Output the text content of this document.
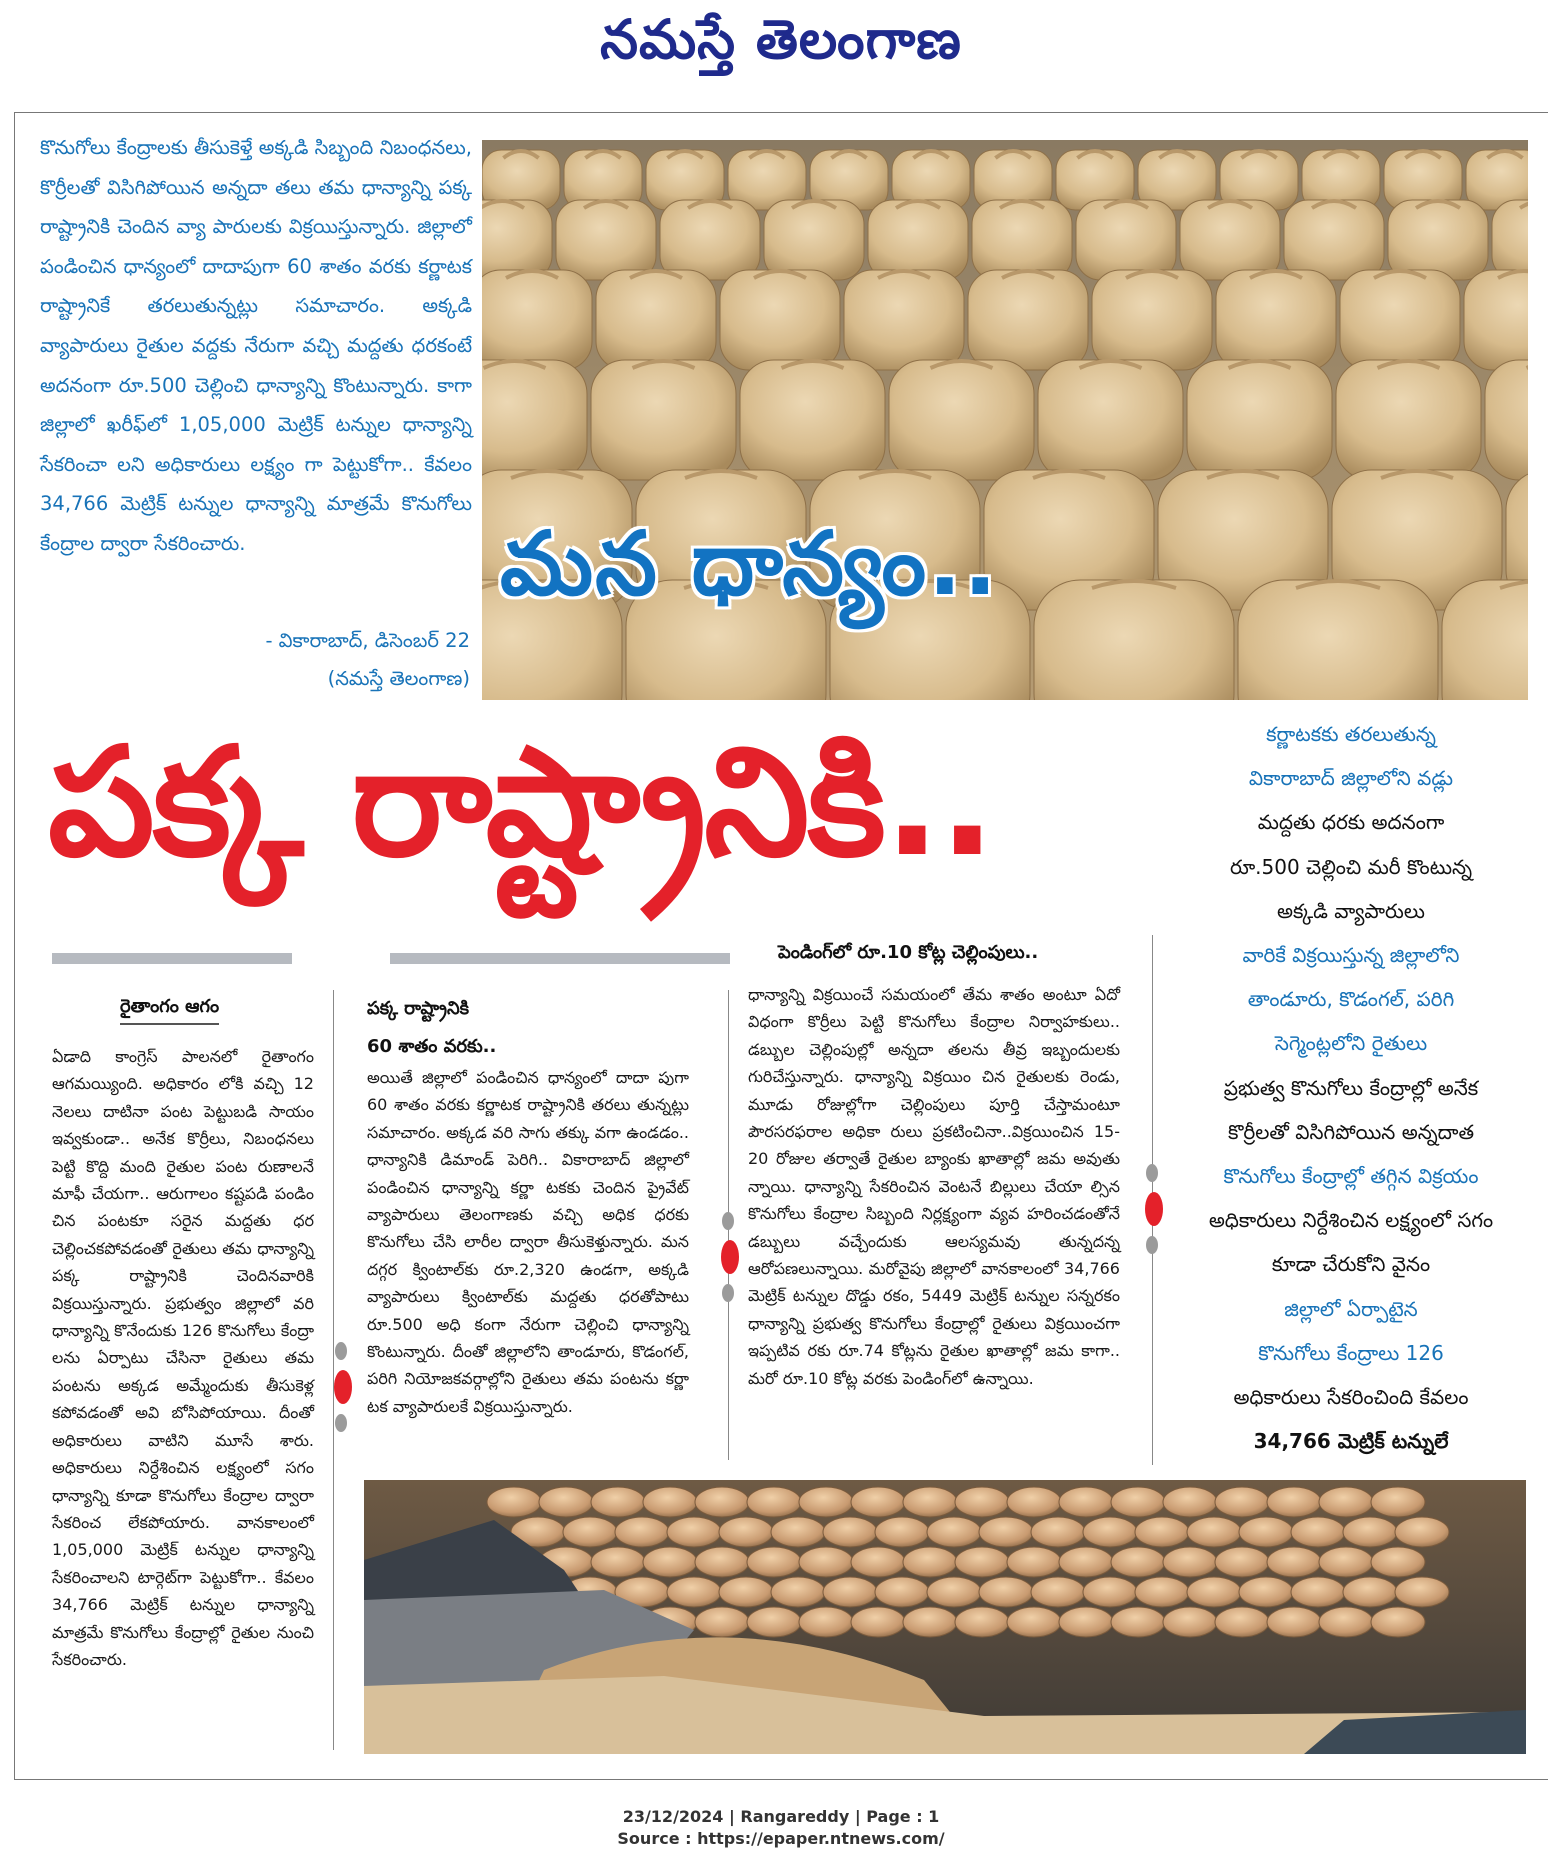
నమస్తే తెలంగాణ

కొనుగోలు కేంద్రాలకు తీసుకెళ్తే అక్కడి సిబ్బంది నిబంధనలు, కొర్రీలతో విసిగిపోయిన అన్నదా తలు తమ ధాన్యాన్ని పక్క రాష్ట్రానికి చెందిన వ్యా పారులకు విక్రయిస్తున్నారు. జిల్లాలో పండించిన ధాన్యంలో దాదాపుగా 60 శాతం వరకు కర్ణాటక రాష్ట్రానికే తరలుతున్నట్లు సమాచారం. అక్కడి వ్యాపారులు రైతుల వద్దకు నేరుగా వచ్చి మద్దతు ధరకంటే అదనంగా రూ.500 చెల్లించి ధాన్యాన్ని కొంటున్నారు. కాగా జిల్లాలో ఖరీఫ్‌లో 1,05,000 మెట్రిక్ టన్నుల ధాన్యాన్ని సేకరించా లని అధికారులు లక్ష్యం గా పెట్టుకోగా.. కేవలం 34,766 మెట్రిక్ టన్నుల ధాన్యాన్ని మాత్రమే కొనుగోలు కేంద్రాల ద్వారా సేకరించారు.

- వికారాబాద్, డిసెంబర్ 22
(నమస్తే తెలంగాణ)
మన ధాన్యం..
పక్క రాష్ట్రానికి..	కర్ణాటకకు తరలుతున్న
వికారాబాద్ జిల్లాలోని వడ్లు
మద్దతు ధరకు అదనంగా
రూ.500 చెల్లించి మరీ కొంటున్న
అక్కడి వ్యాపారులు
వారికే విక్రయిస్తున్న జిల్లాలోని
తాండూరు, కొడంగల్, పరిగి
సెగ్మెంట్లలోని రైతులు
ప్రభుత్వ కొనుగోలు కేంద్రాల్లో అనేక
కొర్రీలతో విసిగిపోయిన అన్నదాత
కొనుగోలు కేంద్రాల్లో తగ్గిన విక్రయం
అధికారులు నిర్దేశించిన లక్ష్యంలో సగం
కూడా చేరుకోని వైనం
జిల్లాలో ఏర్పాటైన
కొనుగోలు కేంద్రాలు 126
అధికారులు సేకరించింది కేవలం
34,766 మెట్రిక్ టన్నులే
రైతాంగం ఆగం
ఏడాది కాంగ్రెస్ పాలనలో రైతాంగం ఆగమయ్యింది. అధికారం లోకి వచ్చి 12 నెలలు దాటినా పంట పెట్టుబడి సాయం ఇవ్వకుండా.. అనేక కొర్రీలు, నిబంధనలు పెట్టి కొద్ది మంది రైతుల పంట రుణాలనే మాఫీ చేయగా.. ఆరుగాలం కష్టపడి పండిం చిన పంటకూ సరైన మద్దతు ధర చెల్లించకపోవడంతో రైతులు తమ ధాన్యాన్ని పక్క రాష్ట్రానికి చెందినవారికి విక్రయిస్తున్నారు. ప్రభుత్వం జిల్లాలో వరి ధాన్యాన్ని కొనేందుకు 126 కొనుగోలు కేంద్రా లను ఏర్పాటు చేసినా రైతులు తమ పంటను అక్కడ అమ్మేందుకు తీసుకెళ్ల కపోవడంతో అవి బోసిపోయాయి. దీంతో అధికారులు వాటిని మూసే శారు. అధికారులు నిర్దేశించిన లక్ష్యంలో సగం ధాన్యాన్ని కూడా కొనుగోలు కేంద్రాల ద్వారా సేకరించ లేకపోయారు. వానకాలంలో 1,05,000 మెట్రిక్ టన్నుల ధాన్యాన్ని సేకరించాలని టార్గెట్‌గా పెట్టుకోగా.. కేవలం 34,766 మెట్రిక్ టన్నుల ధాన్యాన్ని మాత్రమే కొనుగోలు కేంద్రాల్లో రైతుల నుంచి సేకరించారు.
పక్క రాష్ట్రానికి
60 శాతం వరకు..
అయితే జిల్లాలో పండించిన ధాన్యంలో దాదా పుగా 60 శాతం వరకు కర్ణాటక రాష్ట్రానికి తరలు తున్నట్లు సమాచారం. అక్కడ వరి సాగు తక్కు వగా ఉండడం.. ధాన్యానికి డిమాండ్ పెరిగి.. వికారాబాద్ జిల్లాలో పండించిన ధాన్యాన్ని కర్ణా టకకు చెందిన ప్రైవేట్ వ్యాపారులు తెలంగాణకు వచ్చి అధిక ధరకు కొనుగోలు చేసి లారీల ద్వారా తీసుకెళ్తున్నారు. మన దగ్గర క్వింటాల్‌కు రూ.2,320 ఉండగా, అక్కడి వ్యాపారులు క్వింటాల్‌కు మద్దతు ధరతోపాటు రూ.500 అధి కంగా నేరుగా చెల్లించి ధాన్యాన్ని కొంటున్నారు. దీంతో జిల్లాలోని తాండూరు, కొడంగల్, పరిగి నియోజకవర్గాల్లోని రైతులు తమ పంటను కర్ణా టక వ్యాపారులకే విక్రయిస్తున్నారు.
పెండింగ్‌లో రూ.10 కోట్ల చెల్లింపులు..
ధాన్యాన్ని విక్రయించే సమయంలో తేమ శాతం అంటూ ఏదో విధంగా కొర్రీలు పెట్టి కొనుగోలు కేంద్రాల నిర్వాహకులు.. డబ్బుల చెల్లింపుల్లో అన్నదా తలను తీవ్ర ఇబ్బందులకు గురిచేస్తున్నారు. ధాన్యాన్ని విక్రయిం చిన రైతులకు రెండు, మూడు రోజుల్లోగా చెల్లింపులు పూర్తి చేస్తామంటూ పౌరసరఫరాల అధికా రులు ప్రకటించినా..విక్రయించిన 15-20 రోజుల తర్వాతే రైతుల బ్యాంకు ఖాతాల్లో జమ అవుతు న్నాయి. ధాన్యాన్ని సేకరించిన వెంటనే బిల్లులు చేయా ల్సిన కొనుగోలు కేంద్రాల సిబ్బంది నిర్లక్ష్యంగా వ్యవ హరించడంతోనే డబ్బులు వచ్చేందుకు ఆలస్యమవు తున్నదన్న ఆరోపణలున్నాయి. మరోవైపు జిల్లాలో వానకాలంలో 34,766 మెట్రిక్ టన్నుల దొడ్డు రకం, 5449 మెట్రిక్ టన్నుల సన్నరకం ధాన్యాన్ని ప్రభుత్వ కొనుగోలు కేంద్రాల్లో రైతులు విక్రయించగా ఇప్పటివ రకు రూ.74 కోట్లను రైతుల ఖాతాల్లో జమ కాగా.. మరో రూ.10 కోట్ల వరకు పెండింగ్‌లో ఉన్నాయి.
23/12/2024 | Rangareddy | Page : 1
Source : https://epaper.ntnews.com/
